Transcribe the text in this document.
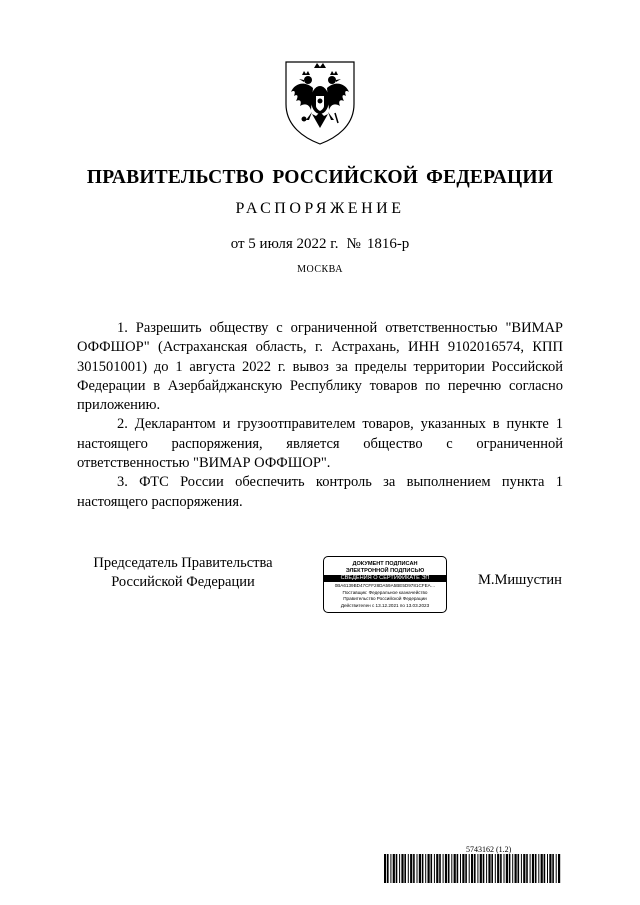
ПРАВИТЕЛЬСТВО РОССИЙСКОЙ ФЕДЕРАЦИИ
РАСПОРЯЖЕНИЕ
от 5 июля 2022 г. № 1816-р
МОСКВА

1. Разрешить обществу с ограниченной ответственностью "ВИМАР ОФФШОР" (Астраханская область, г. Астрахань, ИНН 9102016574, КПП 301501001) до 1 августа 2022 г. вывоз за пределы территории Российской Федерации в Азербайджанскую Республику товаров по перечню согласно приложению.

2. Декларантом и грузоотправителем товаров, указанных в пункте 1 настоящего распоряжения, является общество с ограниченной ответственностью "ВИМАР ОФФШОР".

3. ФТС России обеспечить контроль за выполнением пункта 1 настоящего распоряжения.

Председатель Правительства
Российской Федерации
ДОКУМЕНТ ПОДПИСАН
ЭЛЕКТРОННОЙ ПОДПИСЬЮ
СВЕДЕНИЯ О СЕРТИФИКАТЕ ЭП
0BA6139BD47CFF28DA59A5BE5D9781CFEA…
Поставщик: Федеральное казначейство
Правительство Российской Федерации
Действителен с 13.12.2021 по 13.03.2023
М.Мишустин
5743162 (1.2)
